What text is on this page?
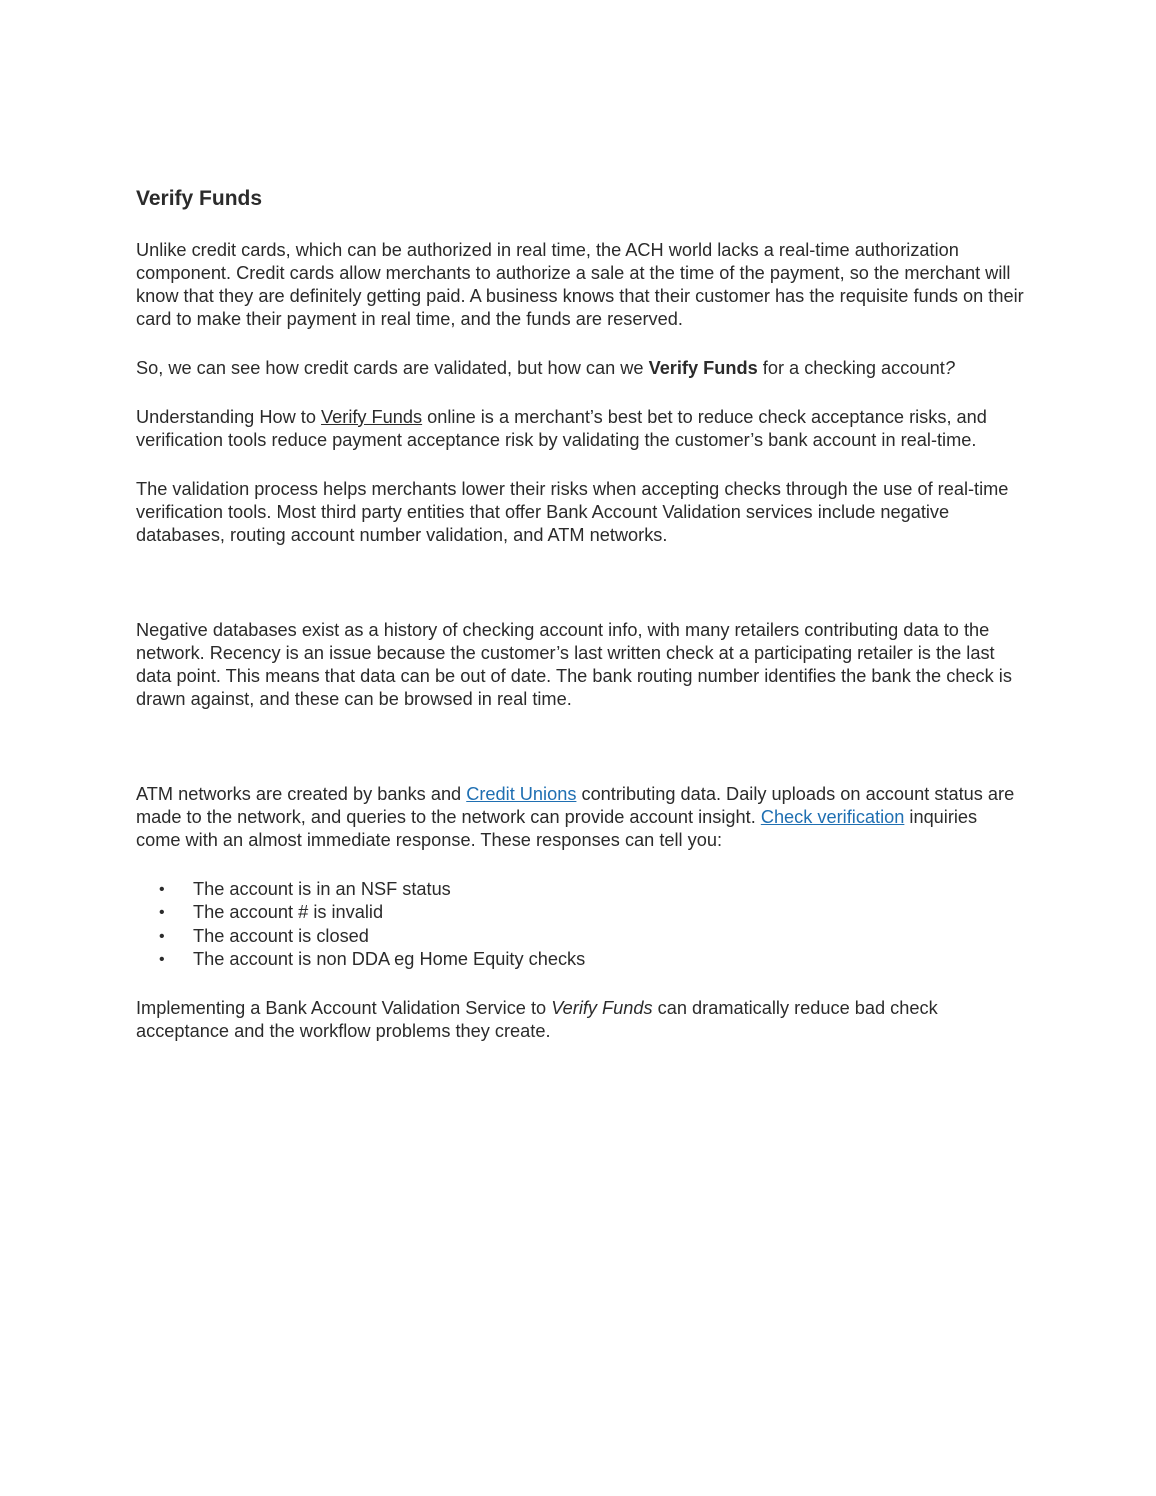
Verify Funds

Unlike credit cards, which can be authorized in real time, the ACH world lacks a real-time authorization component. Credit cards allow merchants to authorize a sale at the time of the payment, so the merchant will know that they are definitely getting paid. A business knows that their customer has the requisite funds on their card to make their payment in real time, and the funds are reserved.

So, we can see how credit cards are validated, but how can we Verify Funds for a checking account?

Understanding How to Verify Funds online is a merchant’s best bet to reduce check acceptance risks, and verification tools reduce payment acceptance risk by validating the customer’s bank account in real-time.

The validation process helps merchants lower their risks when accepting checks through the use of real-time verification tools. Most third party entities that offer Bank Account Validation services include negative databases, routing account number validation, and ATM networks.

Negative databases exist as a history of checking account info, with many retailers contributing data to the network. Recency is an issue because the customer’s last written check at a participating retailer is the last data point. This means that data can be out of date. The bank routing number identifies the bank the check is drawn against, and these can be browsed in real time.

ATM networks are created by banks and Credit Unions contributing data. Daily uploads on account status are made to the network, and queries to the network can provide account insight. Check verification inquiries come with an almost immediate response. These responses can tell you:

• The account is in an NSF status
• The account # is invalid
• The account is closed
• The account is non DDA eg Home Equity checks

Implementing a Bank Account Validation Service to Verify Funds can dramatically reduce bad check acceptance and the workflow problems they create.
